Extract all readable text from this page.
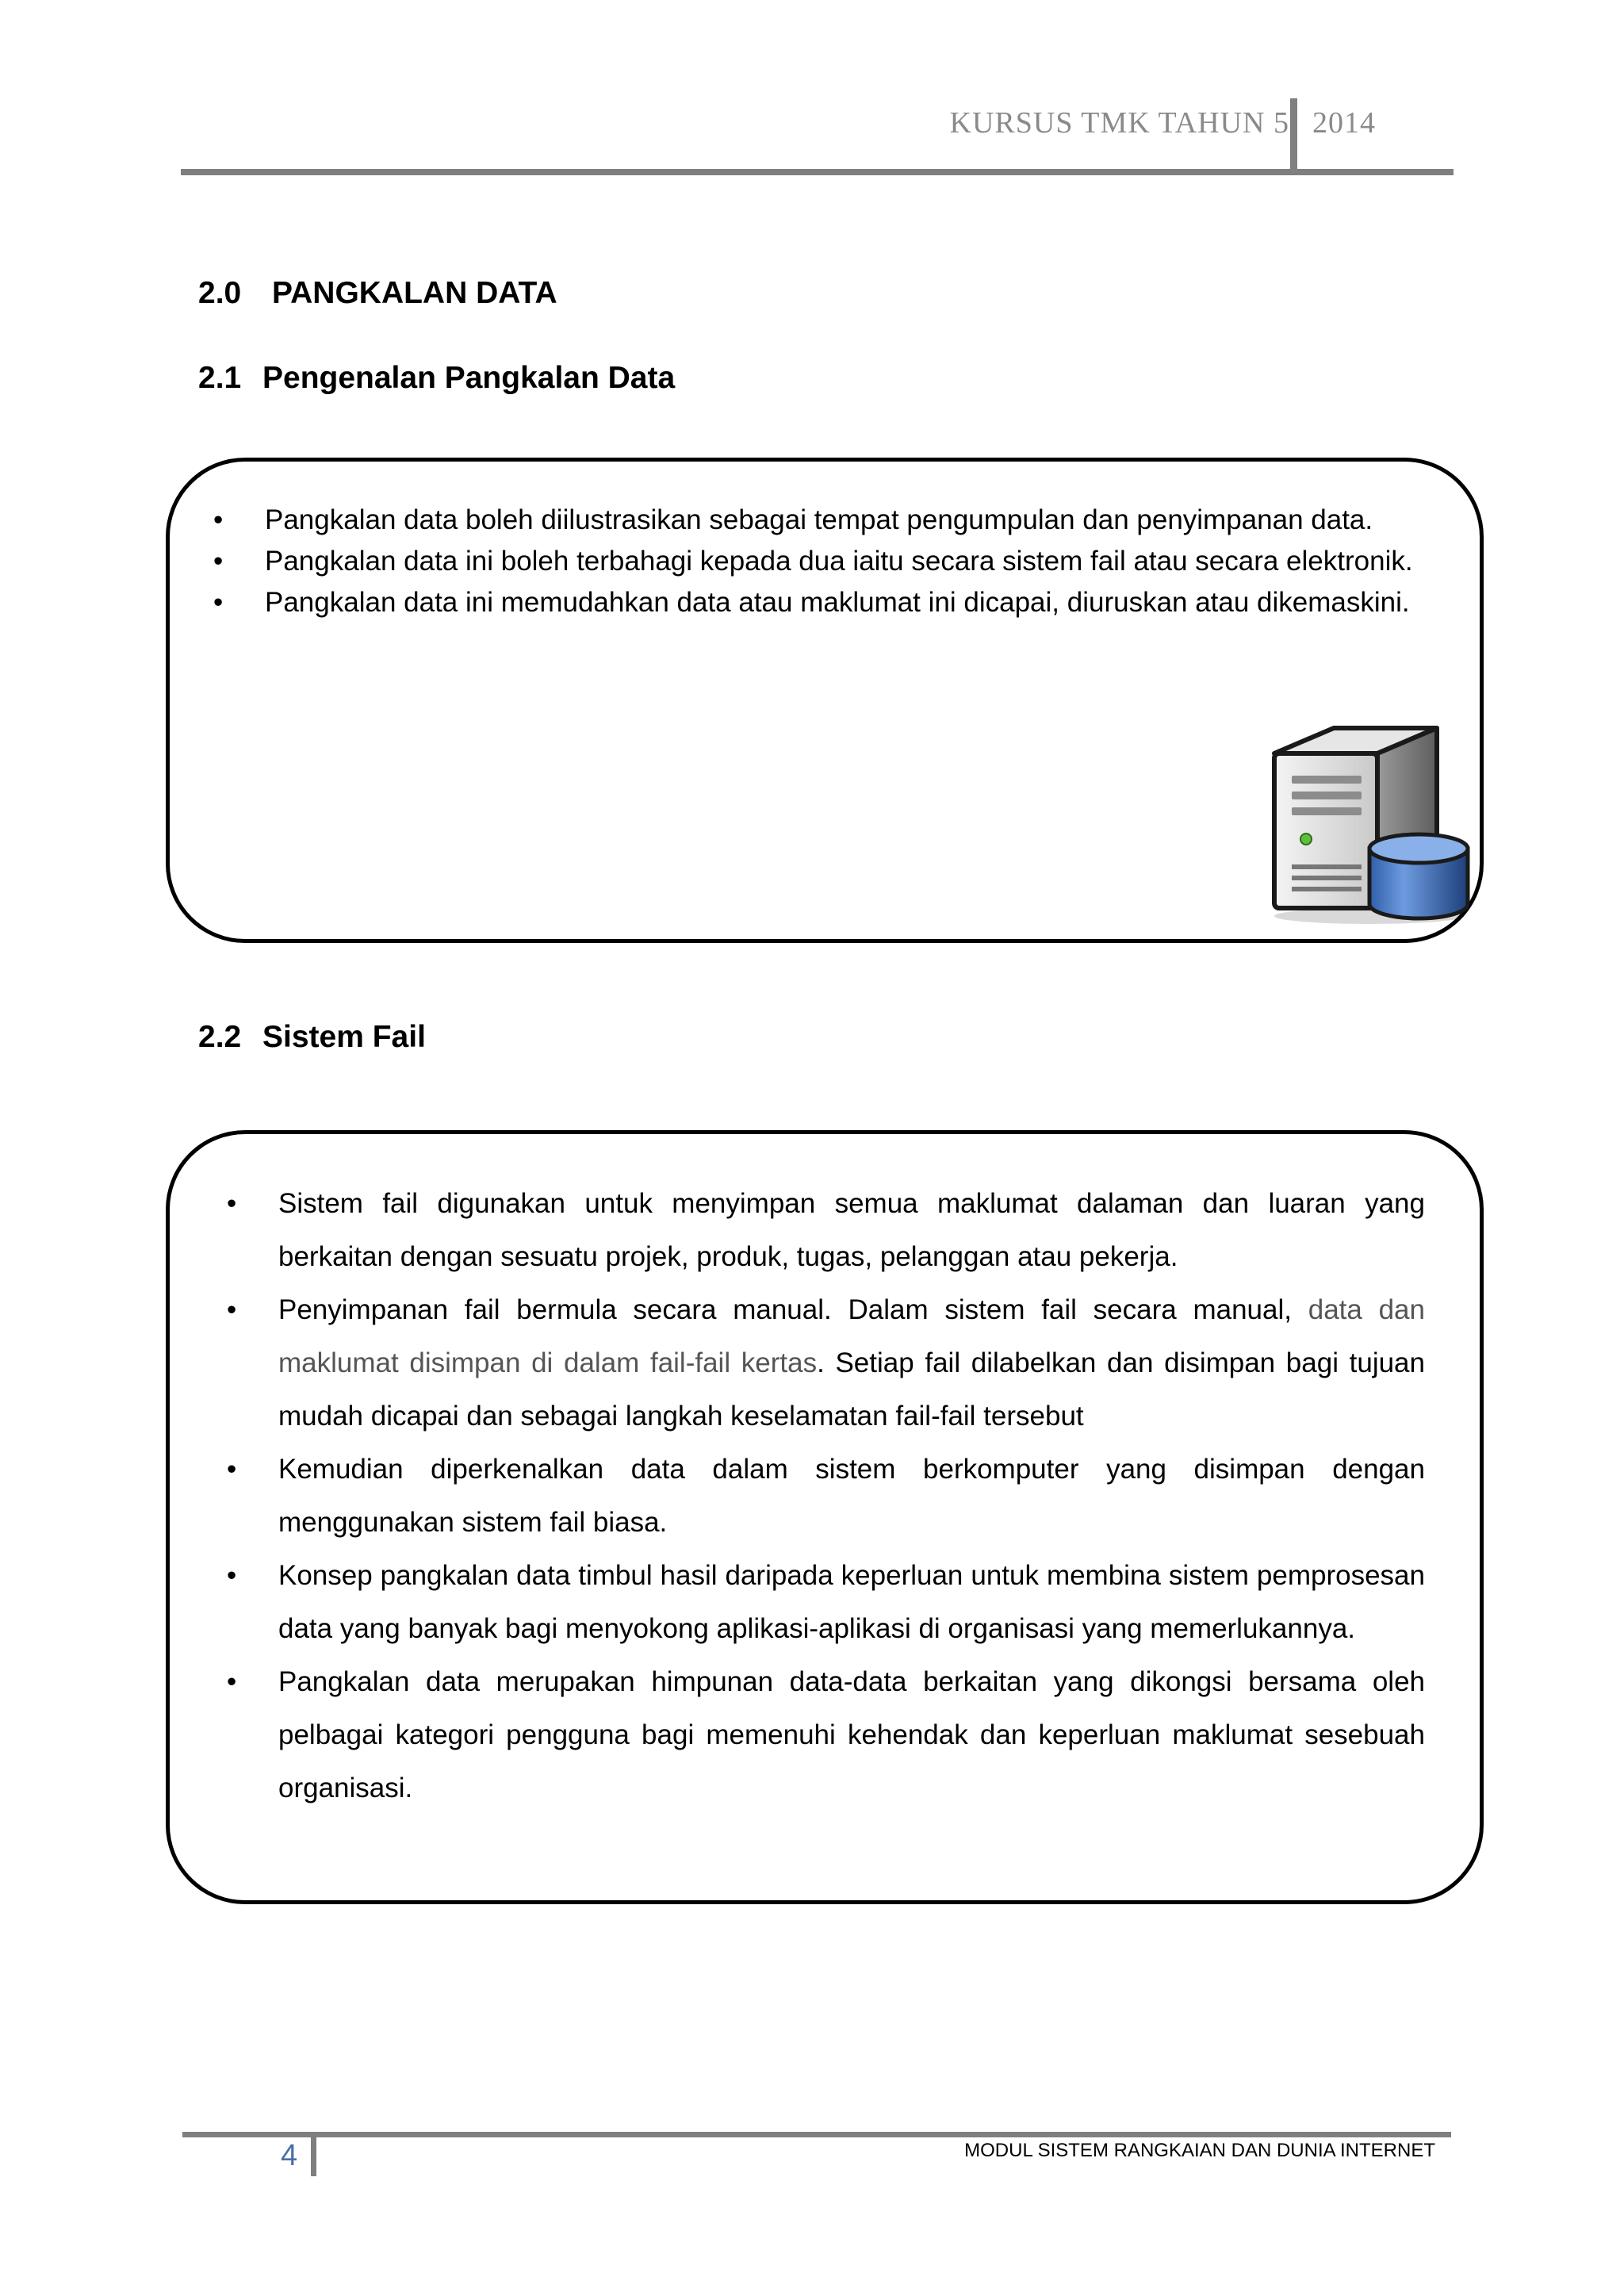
KURSUS TMK TAHUN 5 2014
2.0 PANGKALAN DATA
2.1 Pengenalan Pangkalan Data
• Pangkalan data boleh diilustrasikan sebagai tempat pengumpulan dan penyimpanan data.
• Pangkalan data ini boleh terbahagi kepada dua iaitu secara sistem fail atau secara elektronik.
• Pangkalan data ini memudahkan data atau maklumat ini dicapai, diuruskan atau dikemaskini.
2.2 Sistem Fail
• Sistem fail digunakan untuk menyimpan semua maklumat dalaman dan luaran yang berkaitan dengan sesuatu projek, produk, tugas, pelanggan atau pekerja.
• Penyimpanan fail bermula secara manual. Dalam sistem fail secara manual, data dan maklumat disimpan di dalam fail-fail kertas. Setiap fail dilabelkan dan disimpan bagi tujuan mudah dicapai dan sebagai langkah keselamatan fail-fail tersebut
• Kemudian diperkenalkan data dalam sistem berkomputer yang disimpan dengan menggunakan sistem fail biasa.
• Konsep pangkalan data timbul hasil daripada keperluan untuk membina sistem pemprosesan data yang banyak bagi menyokong aplikasi-aplikasi di organisasi yang memerlukannya.
• Pangkalan data merupakan himpunan data-data berkaitan yang dikongsi bersama oleh pelbagai kategori pengguna bagi memenuhi kehendak dan keperluan maklumat sesebuah organisasi.
4	MODUL SISTEM RANGKAIAN DAN DUNIA INTERNET
